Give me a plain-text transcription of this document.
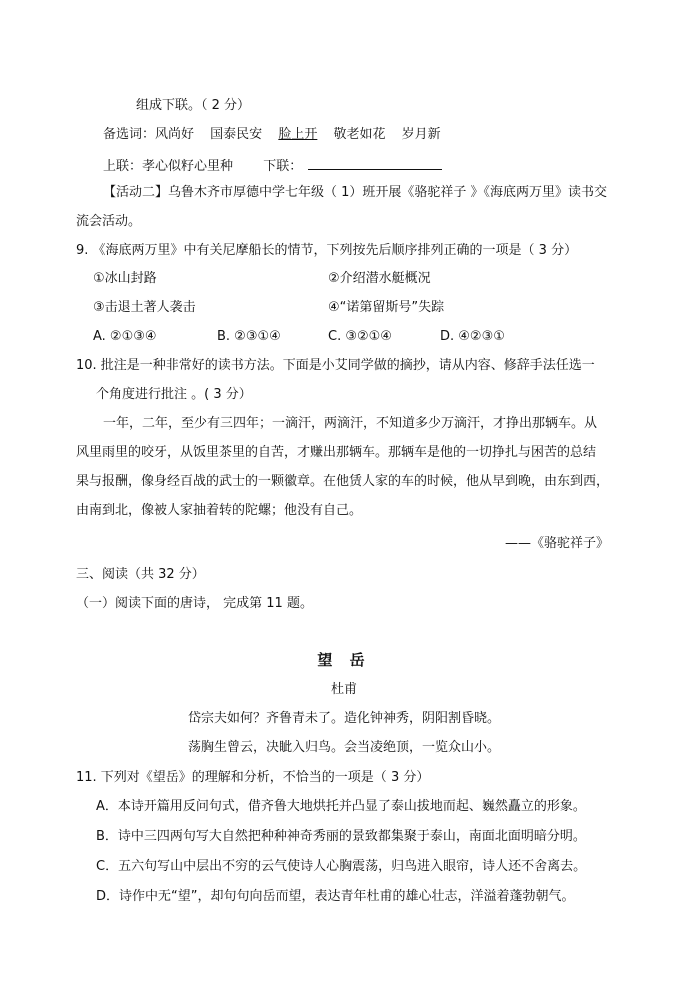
组成下联。（ 2 分）
备选词：风尚好 国泰民安 脸上开 敬老如花 岁月新
上联：孝心似籽心里种 下联：
【活动二】乌鲁木齐市厚德中学七年级（ 1）班开展《骆驼祥子 》《海底两万里》读书交
流会活动。
9. 《海底两万里》中有关尼摩船长的情节，下列按先后顺序排列正确的一项是（ 3 分）
①冰山封路	②介绍潜水艇概况
③击退土著人袭击	④“诺第留斯号”失踪
A. ②①③④	B. ②③①④	C. ③②①④	D. ④②③①
10. 批注是一种非常好的读书方法。下面是小艾同学做的摘抄，请从内容、修辞手法任选一
个角度进行批注 。( 3 分）
一年，二年，至少有三四年；一滴汗，两滴汗，不知道多少万滴汗，才挣出那辆车。从
风里雨里的咬牙，从饭里茶里的自苦，才赚出那辆车。那辆车是他的一切挣扎与困苦的总结
果与报酬，像身经百战的武士的一颗徽章。在他赁人家的车的时候，他从早到晚，由东到西，
由南到北，像被人家抽着转的陀螺；他没有自己。
——《骆驼祥子》
三、阅读（共 32 分）
（一）阅读下面的唐诗， 完成第 11 题。
望 岳
杜甫
岱宗夫如何？齐鲁青未了。造化钟神秀，阴阳割昏晓。
荡胸生曾云，决眦入归鸟。会当凌绝顶，一览众山小。
11. 下列对《望岳》的理解和分析，不恰当的一项是（ 3 分）
A．本诗开篇用反问句式，借齐鲁大地烘托并凸显了泰山拔地而起、巍然矗立的形象。
B．诗中三四两句写大自然把种种神奇秀丽的景致都集聚于泰山，南面北面明暗分明。
C．五六句写山中层出不穷的云气使诗人心胸震荡，归鸟进入眼帘，诗人还不舍离去。
D．诗作中无“望”，却句句向岳而望，表达青年杜甫的雄心壮志，洋溢着蓬勃朝气。
